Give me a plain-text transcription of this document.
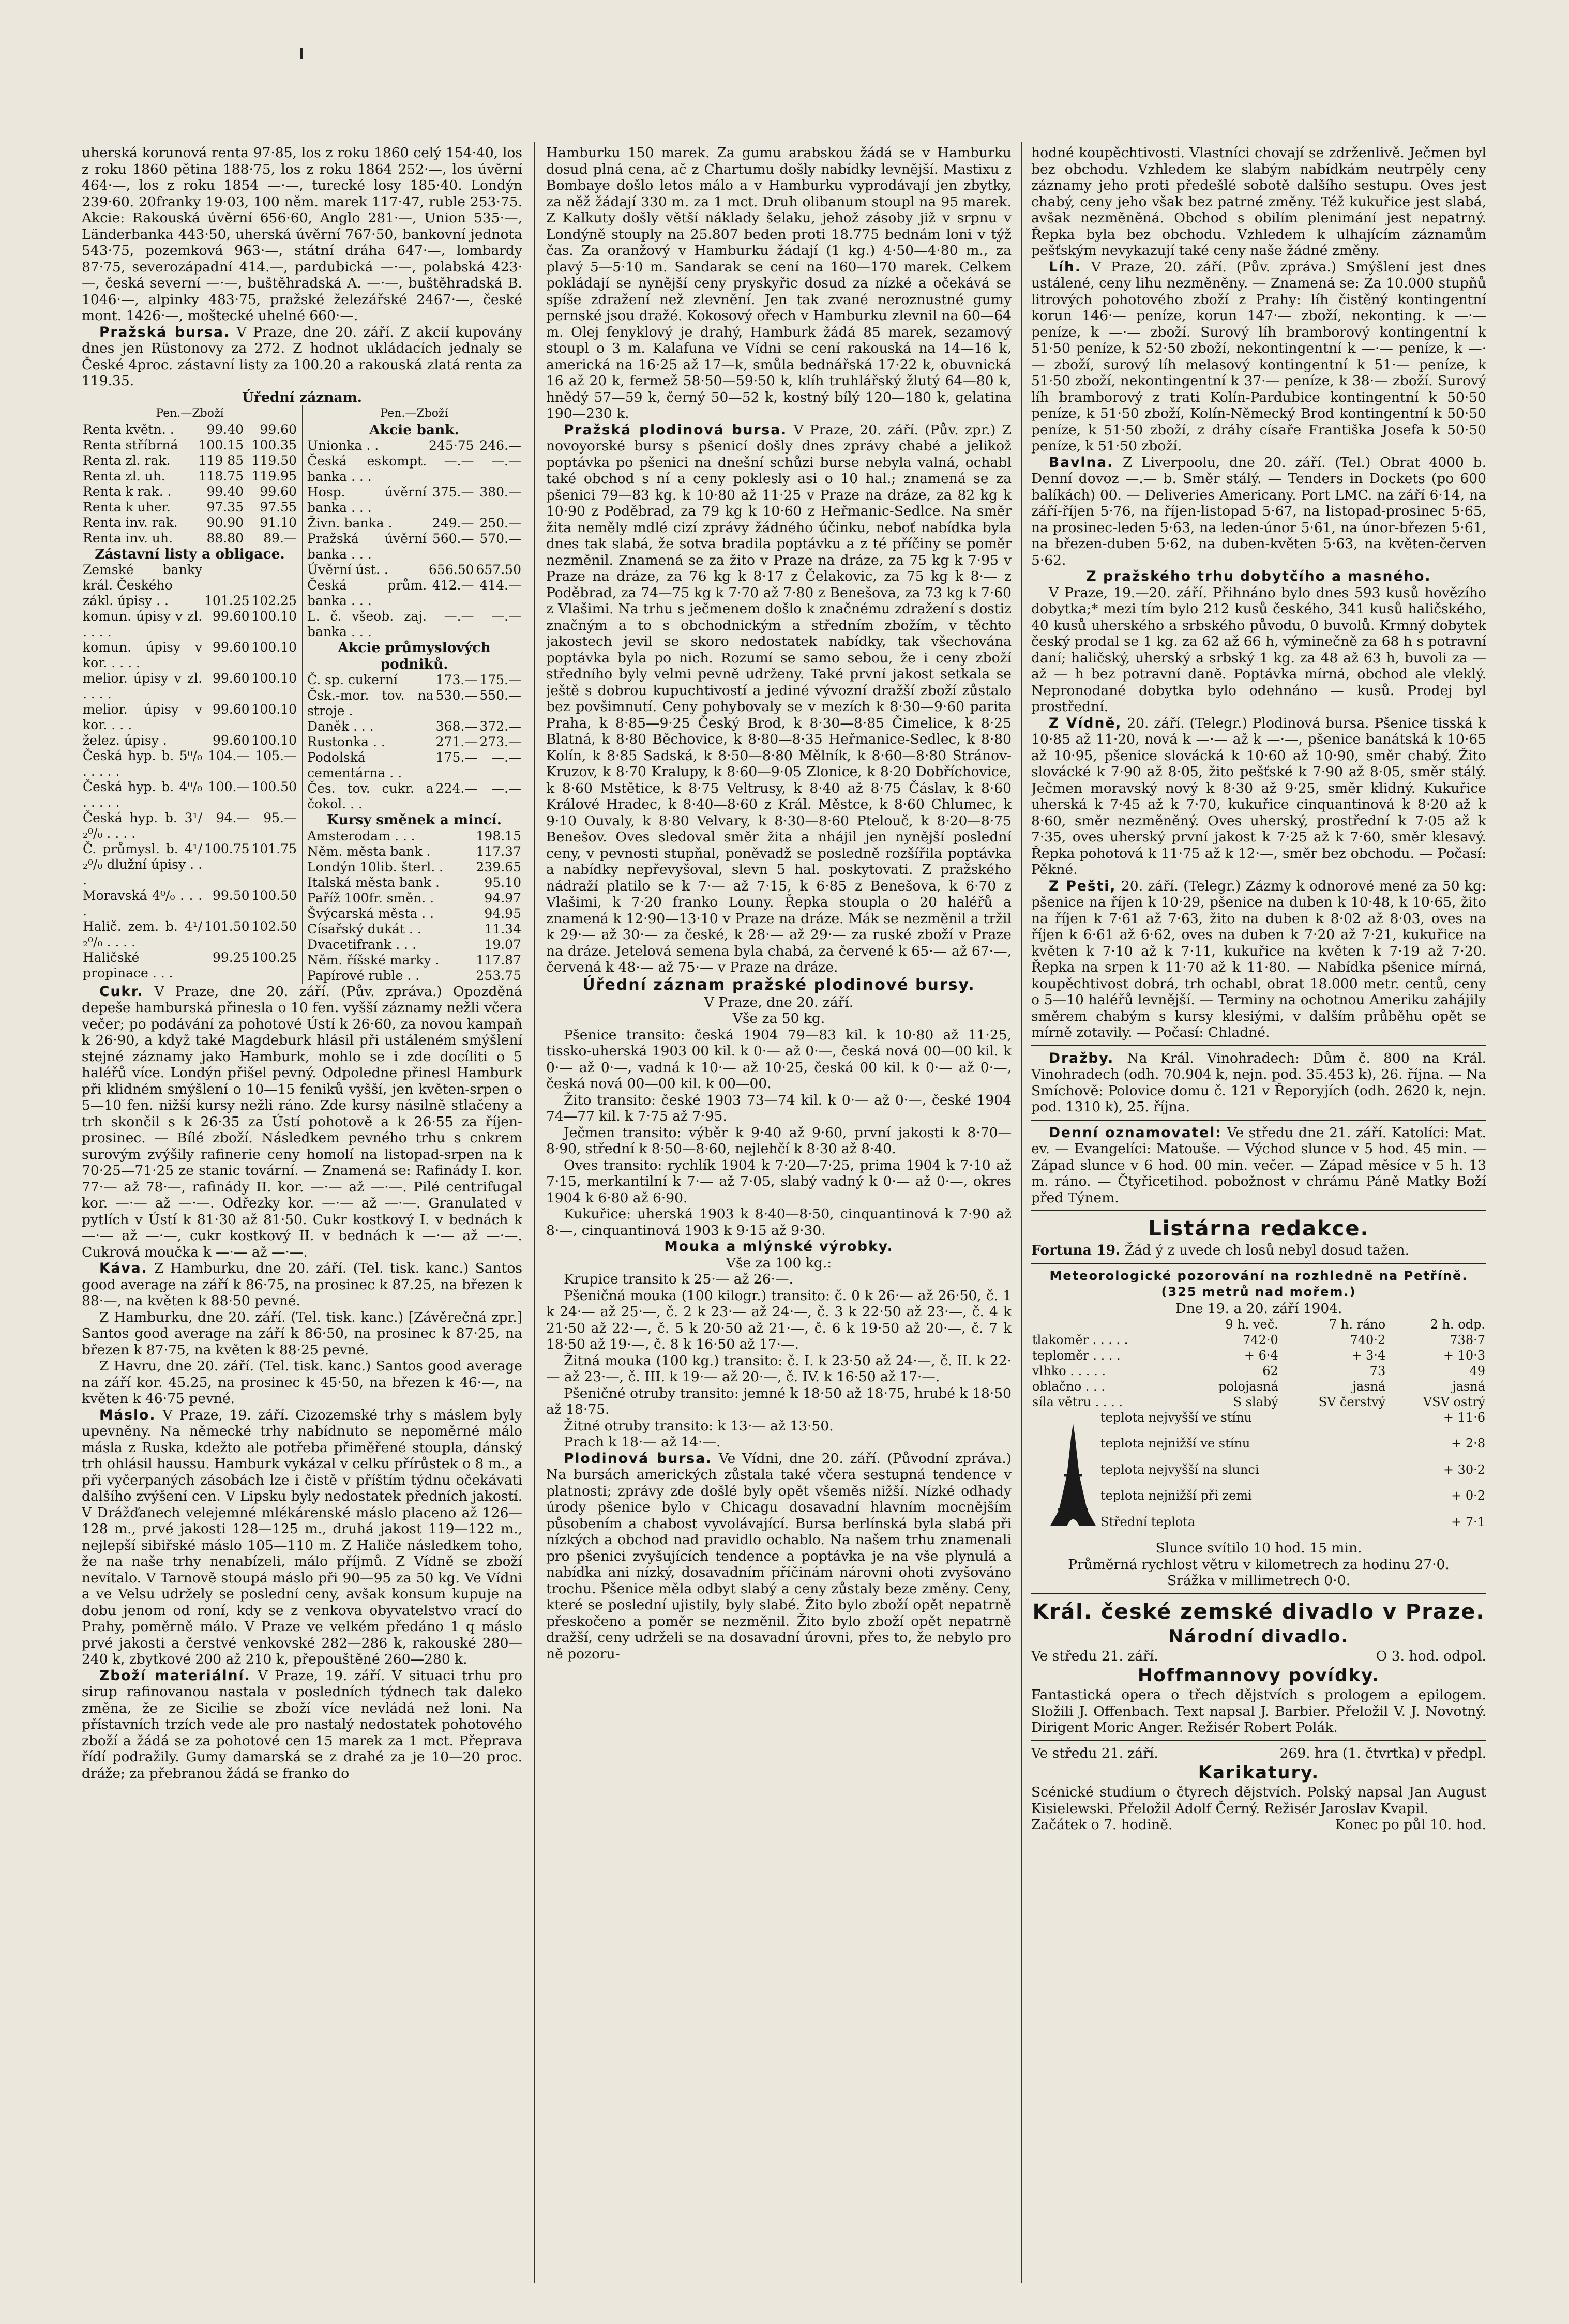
uherská korunová renta 97·85, los z roku 1860 celý 154·40, los z roku 1860 pětina 188·75, los z roku 1864 252·—, los úvěrní 464·—, los z roku 1854 —·—, turecké losy 185·40. Londýn 239·60. 20franky 19·03, 100 něm. marek 117·47, ruble 253·75. Akcie: Rakouská úvěrní 656·60, Anglo 281·—, Union 535·—, Länderbanka 443·50, uherská úvěrní 767·50, bankovní jednota 543·75, pozemková 963·—, státní dráha 647·—, lombardy 87·75, severozápadní 414.—, pardubická —·—, polabská 423·—, česká severní —·—, buštěhradská A. —·—, buštěhradská B. 1046·—, alpinky 483·75, pražské železářské 2467·—, české mont. 1426·—, moštecké uhelné 660·—.

Pražská bursa. V Praze, dne 20. září. Z akcií kupovány dnes jen Rüstonovy za 272. Z hodnot ukládacích jednaly se České 4proc. zástavní listy za 100.20 a rakouská zlatá renta za 119.35.

Úřední záznam.

Pen.—Zboží
Renta květn. .	99.40	99.60
Renta stříbrná	100.15	100.35
Renta zl. rak.	119 85	119.50
Renta zl. uh.	118.75	119.95
Renta k rak. .	99.40	99.60
Renta k uher.	97.35	97.55
Renta inv. rak.	90.90	91.10
Renta inv. uh.	88.80	89.—
Zástavní listy a obligace.
Zemské banky král. Českého		
zákl. úpisy . .	101.25	102.25
komun. úpisy v zl. . . . .	99.60	100.10
komun. úpisy v kor. . . . .	99.60	100.10
melior. úpisy v zl. . . . .	99.60	100.10
melior. úpisy v kor. . . .	99.60	100.10
želez. úpisy .	99.60	100.10
Česká hyp. b. 5⁰/₀ . . . . .	104.—	105.—
Česká hyp. b. 4⁰/₀ . . . . .	100.—	100.50
Česká hyp. b. 3¹/₂⁰/₀ . . . .	94.—	95.—
Č. průmysl. b. 4¹/₂⁰/₀ dlužní úpisy . . .	100.75	101.75
Moravská 4⁰/₀ . . . .	99.50	100.50
Halič. zem. b. 4¹/₂⁰/₀ . . . .	101.50	102.50
Haličské propinace . . .	99.25	100.25
Pen.—Zboží
Akcie bank.
Unionka . .	245·75	246.—
Česká eskompt. banka . . .	—.—	—.—
Hosp. úvěrní banka . . .	375.—	380.—
Živn. banka .	249.—	250.—
Pražská úvěrní banka . . .	560.—	570.—
Úvěrní úst. .	656.50	657.50
Česká prům. banka . . .	412.—	414.—
L. č. všeob. zaj. banka . . .	—.—	—.—
Akcie průmyslových podniků.
Č. sp. cukerní	173.—	175.—
Čsk.-mor. tov. na stroje .	530.—	550.—
Daněk . . .	368.—	372.—
Rustonka . .	271.—	273.—
Podolská cementárna . .	175.—	—.—
Čes. tov. cukr. a čokol. . .	224.—	—.—
Kursy směnek a mincí.
Amsterodam . . .	198.15
Něm. města bank .	117.37
Londýn 10lib. šterl. .	239.65
Italská města bank .	95.10
Paříž 100fr. směn. .	94.97
Švýcarská města . .	94.95
Císařský dukát . .	11.34
Dvacetifrank . . .	19.07
Něm. říšské marky .	117.87
Papírové ruble . .	253.75

Cukr. V Praze, dne 20. září. (Pův. zpráva.) Opozděná depeše hamburská přinesla o 10 fen. vyšší záznamy nežli včera večer; po podávání za pohotové Ústí k 26·60, za novou kampaň k 26·90, a když také Magdeburk hlásil při ustáleném smýšlení stejné záznamy jako Hamburk, mohlo se i zde docíliti o 5 haléřů více. Londýn přišel pevný. Odpoledne přinesl Hamburk při klidném smýšlení o 10—15 feniků vyšší, jen květen-srpen o 5—10 fen. nižší kursy nežli ráno. Zde kursy násilně stlačeny a trh skončil s k 26·35 za Ústí pohotově a k 26·55 za říjen-prosinec. — Bílé zboží. Následkem pevného trhu s cnkrem surovým zvýšily rafinerie ceny homolí na listopad-srpen na k 70·25—71·25 ze stanic tovární. — Znamená se: Rafinády I. kor. 77·— až 78·—, rafinády II. kor. —·— až —·—. Pilé centrifugal kor. —·— až —·—. Odřezky kor. —·— až —·—. Granulated v pytlích v Ústí k 81·30 až 81·50. Cukr kostkový I. v bednách k —·— až —·—, cukr kostkový II. v bednách k —·— až —·—. Cukrová moučka k —·— až —·—.

Káva. Z Hamburku, dne 20. září. (Tel. tisk. kanc.) Santos good average na září k 86·75, na prosinec k 87.25, na březen k 88·—, na květen k 88·50 pevné.

Z Hamburku, dne 20. září. (Tel. tisk. kanc.) [Závěrečná zpr.] Santos good average na září k 86·50, na prosinec k 87·25, na březen k 87·75, na květen k 88·25 pevné.

Z Havru, dne 20. září. (Tel. tisk. kanc.) Santos good average na září kor. 45.25, na prosinec k 45·50, na březen k 46·—, na květen k 46·75 pevné.

Máslo. V Praze, 19. září. Cizozemské trhy s máslem byly upevněny. Na německé trhy nabídnuto se nepoměrné málo másla z Ruska, kdežto ale potřeba přiměřené stoupla, dánský trh ohlásil haussu. Hamburk vykázal v celku přírůstek o 8 m., a při vyčerpaných zásobách lze i čistě v příštím týdnu očekávati dalšího zvýšení cen. V Lipsku byly nedostatek předních jakostí. V Drážďanech velejemné mlékárenské máslo placeno až 126—128 m., prvé jakosti 128—125 m., druhá jakost 119—122 m., nejlepší sibiřské máslo 105—110 m. Z Haliče následkem toho, že na naše trhy nenabízeli, málo příjmů. Z Vídně se zboží nevítalo. V Tarnově stoupá máslo při 90—95 za 50 kg. Ve Vídni a ve Velsu udržely se poslední ceny, avšak konsum kupuje na dobu jenom od roní, kdy se z venkova obyvatelstvo vrací do Prahy, poměrně málo. V Praze ve velkém předáno 1 q máslo prvé jakosti a čerstvé venkovské 282—286 k, rakouské 280—240 k, zbytkové 200 až 210 k, přepouštěné 260—280 k.

Zboží materiální. V Praze, 19. září. V situaci trhu pro sirup rafinovanou nastala v posledních týdnech tak daleko změna, že ze Sicilie se zboží více nevládá než loni. Na přístavních trzích vede ale pro nastalý nedostatek pohotového zboží a žádá se za pohotové cen 15 marek za 1 mct. Přeprava řídí podražily. Gumy damarská se z drahé za je 10—20 proc. dráže; za přebranou žádá se franko do

Hamburku 150 marek. Za gumu arabskou žádá se v Hamburku dosud plná cena, ač z Chartumu došly nabídky levnější. Mastixu z Bombaye došlo letos málo a v Hamburku vyprodávají jen zbytky, za něž žádají 330 m. za 1 mct. Druh olibanum stoupl na 95 marek. Z Kalkuty došly větší náklady šelaku, jehož zásoby již v srpnu v Londýně stouply na 25.807 beden proti 18.775 bednám loni v týž čas. Za oranžový v Hamburku žádají (1 kg.) 4·50—4·80 m., za plavý 5—5·10 m. Sandarak se cení na 160—170 marek. Celkem pokládají se nynější ceny pryskyřic dosud za nízké a očekává se spíše zdražení než zlevnění. Jen tak zvané neroznustné gumy pernské jsou dražé. Kokosový ořech v Hamburku zlevnil na 60—64 m. Olej fenyklový je drahý, Hamburk žádá 85 marek, sezamový stoupl o 3 m. Kalafuna ve Vídni se cení rakouská na 14—16 k, americká na 16·25 až 17—k, smůla bednářská 17·22 k, obuvnická 16 až 20 k, fermež 58·50—59·50 k, klíh truhlářský žlutý 64—80 k, hnědý 57—59 k, černý 50—52 k, kostný bílý 120—180 k, gelatina 190—230 k.

Pražská plodinová bursa. V Praze, 20. září. (Pův. zpr.) Z novoyorské bursy s pšenicí došly dnes zprávy chabé a jelikož poptávka po pšenici na dnešní schůzi burse nebyla valná, ochabl také obchod s ní a ceny poklesly asi o 10 hal.; znamená se za pšenici 79—83 kg. k 10·80 až 11·25 v Praze na dráze, za 82 kg k 10·90 z Poděbrad, za 79 kg k 10·60 z Heřmanic-Sedlce. Na směr žita neměly mdlé cizí zprávy žádného účinku, neboť nabídka byla dnes tak slabá, že sotva bradila poptávku a z té příčiny se poměr nezměnil. Znamená se za žito v Praze na dráze, za 75 kg k 7·95 v Praze na dráze, za 76 kg k 8·17 z Čelakovic, za 75 kg k 8·— z Poděbrad, za 74—75 kg k 7·70 až 7·80 z Benešova, za 73 kg k 7·60 z Vlašimi. Na trhu s ječmenem došlo k značnému zdražení s dostiz značným a to s obchodnickým a středním zbožím, v těchto jakostech jevil se skoro nedostatek nabídky, tak všechována poptávka byla po nich. Rozumí se samo sebou, že i ceny zboží středního byly velmi pevně udrženy. Také první jakost setkala se ještě s dobrou kupuchtivostí a jediné vývozní dražší zboží zůstalo bez povšimnutí. Ceny pohybovaly se v mezích k 8·30—9·60 parita Praha, k 8·85—9·25 Český Brod, k 8·30—8·85 Čimelice, k 8·25 Blatná, k 8·80 Běchovice, k 8·80—8·35 Heřmanice-Sedlec, k 8·80 Kolín, k 8·85 Sadská, k 8·50—8·80 Mělník, k 8·60—8·80 Stránov-Kruzov, k 8·70 Kralupy, k 8·60—9·05 Zlonice, k 8·20 Dobříchovice, k 8·60 Mstětice, k 8·75 Veltrusy, k 8·40 až 8·75 Čáslav, k 8·60 Králové Hradec, k 8·40—8·60 z Král. Městce, k 8·60 Chlumec, k 9·10 Ouvaly, k 8·80 Velvary, k 8·30—8·60 Ptelouč, k 8·20—8·75 Benešov. Oves sledoval směr žita a nhájil jen nynější poslední ceny, v pevnosti stupňal, poněvadž se posledně rozšířila poptávka a nabídky nepřevyšoval, slevn 5 hal. poskytovati. Z pražského nádraží platilo se k 7·— až 7·15, k 6·85 z Benešova, k 6·70 z Vlašimi, k 7·20 franko Louny. Řepka stoupla o 20 haléřů a znamená k 12·90—13·10 v Praze na dráze. Mák se nezměnil a tržil k 29·— až 30·— za české, k 28·— až 29·— za ruské zboží v Praze na dráze. Jetelová semena byla chabá, za červené k 65·— až 67·—, červená k 48·— až 75·— v Praze na dráze.

Úřední záznam pražské plodinové bursy.
V Praze, dne 20. září.
Vše za 50 kg.

Pšenice transito: česká 1904 79—83 kil. k 10·80 až 11·25, tissko-uherská 1903 00 kil. k 0·— až 0·—, česká nová 00—00 kil. k 0·— až 0·—, vadná k 10·— až 10·25, česká 00 kil. k 0·— až 0·—, česká nová 00—00 kil. k 00—00.

Žito transito: české 1903 73—74 kil. k 0·— až 0·—, české 1904 74—77 kil. k 7·75 až 7·95.

Ječmen transito: výběr k 9·40 až 9·60, první jakosti k 8·70—8·90, střední k 8·50—8·60, nejlehčí k 8·30 až 8·40.

Oves transito: rychlík 1904 k 7·20—7·25, prima 1904 k 7·10 až 7·15, merkantilní k 7·— až 7·05, slabý vadný k 0·— až 0·—, okres 1904 k 6·80 až 6·90.

Kukuřice: uherská 1903 k 8·40—8·50, cinquantinová k 7·90 až 8·—, cinquantinová 1903 k 9·15 až 9·30.

Mouka a mlýnské výrobky.
Vše za 100 kg.:

Krupice transito k 25·— až 26·—.

Pšeničná mouka (100 kilogr.) transito: č. 0 k 26·— až 26·50, č. 1 k 24·— až 25·—, č. 2 k 23·— až 24·—, č. 3 k 22·50 až 23·—, č. 4 k 21·50 až 22·—, č. 5 k 20·50 až 21·—, č. 6 k 19·50 až 20·—, č. 7 k 18·50 až 19·—, č. 8 k 16·50 až 17·—.

Žitná mouka (100 kg.) transito: č. I. k 23·50 až 24·—, č. II. k 22·— až 23·—, č. III. k 19·— až 20·—, č. IV. k 16·50 až 17·—.

Pšeničné otruby transito: jemné k 18·50 až 18·75, hrubé k 18·50 až 18·75.

Žitné otruby transito: k 13·— až 13·50.

Prach k 18·— až 14·—.

Plodinová bursa. Ve Vídni, dne 20. září. (Původní zpráva.) Na bursách amerických zůstala také včera sestupná tendence v platnosti; zprávy zde došlé byly opět všeměs nižší. Nízké odhady úrody pšenice bylo v Chicagu dosavadní hlavním mocnějším působením a chabost vyvolávající. Bursa berlínská byla slabá při nízkých a obchod nad pravidlo ochablo. Na našem trhu znamenali pro pšenici zvyšujících tendence a poptávka je na vše plynulá a nabídka ani nízký, dosavadním příčinám nárovni ohoti zvyšováno trochu. Pšenice měla odbyt slabý a ceny zůstaly beze změny. Ceny, které se poslední ujistily, byly slabé. Žito bylo zboží opět nepatrně přeskočeno a poměr se nezměnil. Žito bylo zboží opět nepatrně dražší, ceny udrželi se na dosavadní úrovni, přes to, že nebylo pro ně pozoru-

hodné koupěchtivosti. Vlastníci chovají se zdrženlivě. Ječmen byl bez obchodu. Vzhledem ke slabým nabídkám neutrpěly ceny záznamy jeho proti předešlé sobotě dalšího sestupu. Oves jest chabý, ceny jeho však bez patrné změny. Též kukuřice jest slabá, avšak nezměněná. Obchod s obilím plenimání jest nepatrný. Řepka byla bez obchodu. Vzhledem k ulhajícím záznamům pešťským nevykazují také ceny naše žádné změny.

Líh. V Praze, 20. září. (Pův. zpráva.) Smýšlení jest dnes ustálené, ceny lihu nezměněny. — Znamená se: Za 10.000 stupňů litrových pohotového zboží z Prahy: líh čistěný kontingentní korun 146·— peníze, korun 147·— zboží, nekonting. k —·— peníze, k —·— zboží. Surový líh bramborový kontingentní k 51·50 peníze, k 52·50 zboží, nekontingentní k —·— peníze, k —·— zboží, surový líh melasový kontingentní k 51·— peníze, k 51·50 zboží, nekontingentní k 37·— peníze, k 38·— zboží. Surový líh bramborový z trati Kolín-Pardubice kontingentní k 50·50 peníze, k 51·50 zboží, Kolín-Německý Brod kontingentní k 50·50 peníze, k 51·50 zboží, z dráhy císaře Františka Josefa k 50·50 peníze, k 51·50 zboží.

Bavlna. Z Liverpoolu, dne 20. září. (Tel.) Obrat 4000 b. Denní dovoz —.— b. Směr stálý. — Tenders in Dockets (po 600 balíkách) 00. — Deliveries Americany. Port LMC. na září 6·14, na září-říjen 5·76, na říjen-listopad 5·67, na listopad-prosinec 5·65, na prosinec-leden 5·63, na leden-únor 5·61, na únor-březen 5·61, na březen-duben 5·62, na duben-květen 5·63, na květen-červen 5·62.

Z pražského trhu dobytčího a masného.

V Praze, 19.—20. září. Přihnáno bylo dnes 593 kusů hovězího dobytka;* mezi tím bylo 212 kusů českého, 341 kusů haličského, 40 kusů uherského a srbského původu, 0 buvolů. Krmný dobytek český prodal se 1 kg. za 62 až 66 h, výminečně za 68 h s potravní daní; haličský, uherský a srbský 1 kg. za 48 až 63 h, buvoli za — až — h bez potravní daně. Poptávka mírná, obchod ale vleklý. Nepronodané dobytka bylo odehnáno — kusů. Prodej byl prostřední.

Z Vídně, 20. září. (Telegr.) Plodinová bursa. Pšenice tisská k 10·85 až 11·20, nová k —·— až k —·—, pšenice banátská k 10·65 až 10·95, pšenice slovácká k 10·60 až 10·90, směr chabý. Žito slovácké k 7·90 až 8·05, žito pešťské k 7·90 až 8·05, směr stálý. Ječmen moravský nový k 8·30 až 9·25, směr klidný. Kukuřice uherská k 7·45 až k 7·70, kukuřice cinquantinová k 8·20 až k 8·60, směr nezměněný. Oves uherský, prostřední k 7·05 až k 7·35, oves uherský první jakost k 7·25 až k 7·60, směr klesavý. Řepka pohotová k 11·75 až k 12·—, směr bez obchodu. — Počasí: Pěkné.

Z Pešti, 20. září. (Telegr.) Zázmy k odnorové mené za 50 kg: pšenice na říjen k 10·29, pšenice na duben k 10·48, k 10·65, žito na říjen k 7·61 až 7·63, žito na duben k 8·02 až 8·03, oves na říjen k 6·61 až 6·62, oves na duben k 7·20 až 7·21, kukuřice na květen k 7·10 až k 7·11, kukuřice na květen k 7·19 až 7·20. Řepka na srpen k 11·70 až k 11·80. — Nabídka pšenice mírná, koupěchtivost dobrá, trh ochabl, obrat 18.000 metr. centů, ceny o 5—10 haléřů levnější. — Terminy na ochotnou Ameriku zahájily směrem chabým s kursy klesiými, v dalším průběhu opět se mírně zotavily. — Počasí: Chladné.

Dražby. Na Král. Vinohradech: Dům č. 800 na Král. Vinohradech (odh. 70.904 k, nejn. pod. 35.453 k), 26. října. — Na Smíchově: Polovice domu č. 121 v Řeporyjích (odh. 2620 k, nejn. pod. 1310 k), 25. října.

Denní oznamovatel: Ve středu dne 21. září. Katolíci: Mat. ev. — Evangelíci: Matouše. — Východ slunce v 5 hod. 45 min. — Západ slunce v 6 hod. 00 min. večer. — Západ měsíce v 5 h. 13 m. ráno. — Čtyřicetihod. pobožnost v chrámu Páně Matky Boží před Týnem.

Listárna redakce.

Fortuna 19. Žád ý z uvede ch losů nebyl dosud tažen.

Meteorologické pozorování na rozhledně na Petříně.
(325 metrů nad mořem.)
Dne 19. a 20. září 1904.
	9 h. več.	7 h. ráno	2 h. odp.
tlakoměr . . . . .	742·0	740·2	738·7
teploměr . . . .	+ 6·4	+ 3·4	+ 10·3
vlhko . . . . .	62	73	49
oblačno . . .	polojasná	jasná	jasná
síla větru . . . .	S slabý	SV čerstvý	VSV ostrý
teplota nejvyšší ve stínu	+ 11·6
teplota nejnižší ve stínu	+ 2·8
teplota nejvyšší na slunci	+ 30·2
teplota nejnižší při zemi	+ 0·2
Střední teplota	+ 7·1
Slunce svítilo 10 hod. 15 min.
Průměrná rychlost větru v kilometrech za hodinu 27·0.
Srážka v millimetrech 0·0.
Král. české zemské divadlo v Praze.
Národní divadlo.
Ve středu 21. září.	O 3. hod. odpol.
Hoffmannovy povídky.

Fantastická opera o třech dějstvích s prologem a epilogem. Složili J. Offenbach. Text napsal J. Barbier. Přeložil V. J. Novotný. Dirigent Moric Anger. Režisér Robert Polák.

Ve středu 21. září.	269. hra (1. čtvrtka) v předpl.
Karikatury.

Scénické studium o čtyrech dějstvích. Polský napsal Jan August Kisielewski. Přeložil Adolf Černý. Režisér Jaroslav Kvapil.

Začátek o 7. hodině.	Konec po půl 10. hod.
